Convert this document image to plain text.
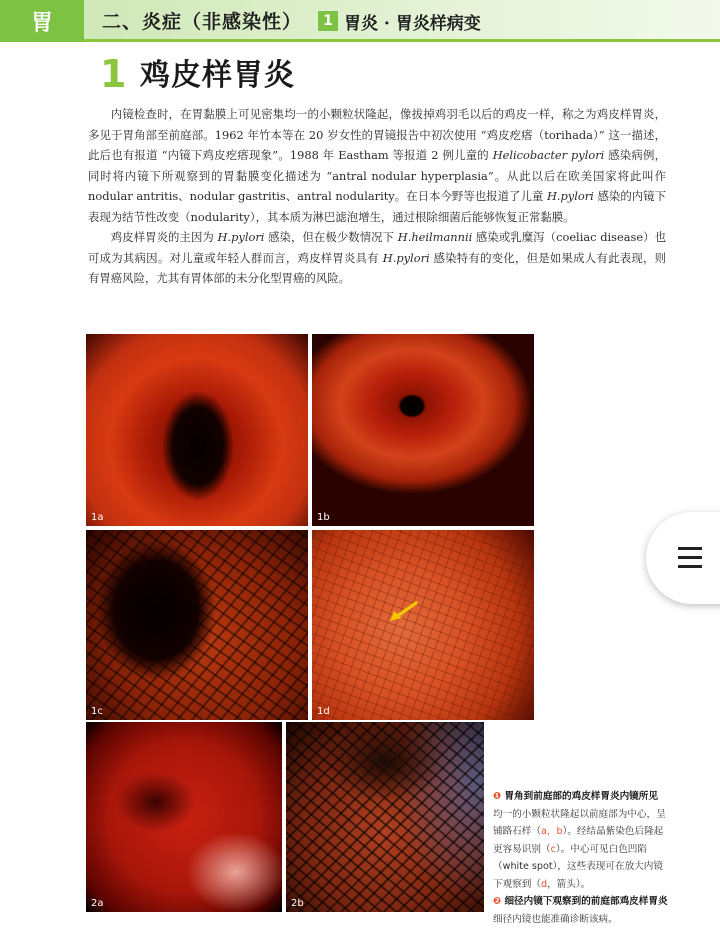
胃	二、炎症（非感染性）	1 胃炎 · 胃炎样病变
1 鸡皮样胃炎

内镜检查时，在胃黏膜上可见密集均一的小颗粒状隆起，像拔掉鸡羽毛以后的鸡皮一样，称之为鸡皮样胃炎，多见于胃角部至前庭部。1962 年竹本等在 20 岁女性的胃镜报告中初次使用 “鸡皮疙瘩（torihada）” 这一描述，此后也有报道 “内镜下鸡皮疙瘩现象”。1988 年 Eastham 等报道 2 例儿童的 Helicobacter pylori 感染病例，同时将内镜下所观察到的胃黏膜变化描述为 “antral nodular hyperplasia”。从此以后在欧美国家将此叫作 nodular antritis、nodular gastritis、antral nodularity。在日本今野等也报道了儿童 H.pylori 感染的内镜下表现为结节性改变（nodularity），其本质为淋巴滤泡增生，通过根除细菌后能够恢复正常黏膜。

鸡皮样胃炎的主因为 H.pylori 感染，但在极少数情况下 H.heilmannii 感染或乳糜泻（coeliac disease）也可成为其病因。对儿童或年轻人群而言，鸡皮样胃炎具有 H.pylori 感染特有的变化，但是如果成人有此表现，则有胃癌风险，尤其有胃体部的未分化型胃癌的风险。

1a	1b
1c	1d
2a	2b
❶ 胃角到前庭部的鸡皮样胃炎内镜所见　均一的小颗粒状隆起以前庭部为中心，呈铺路石样（a，b）。经结晶紫染色后隆起更容易识别（c）。中心可见白色凹陷（white spot），这些表现可在放大内镜下观察到（d，箭头）。
❷ 细径内镜下观察到的前庭部鸡皮样胃炎　细径内镜也能准确诊断该病。
